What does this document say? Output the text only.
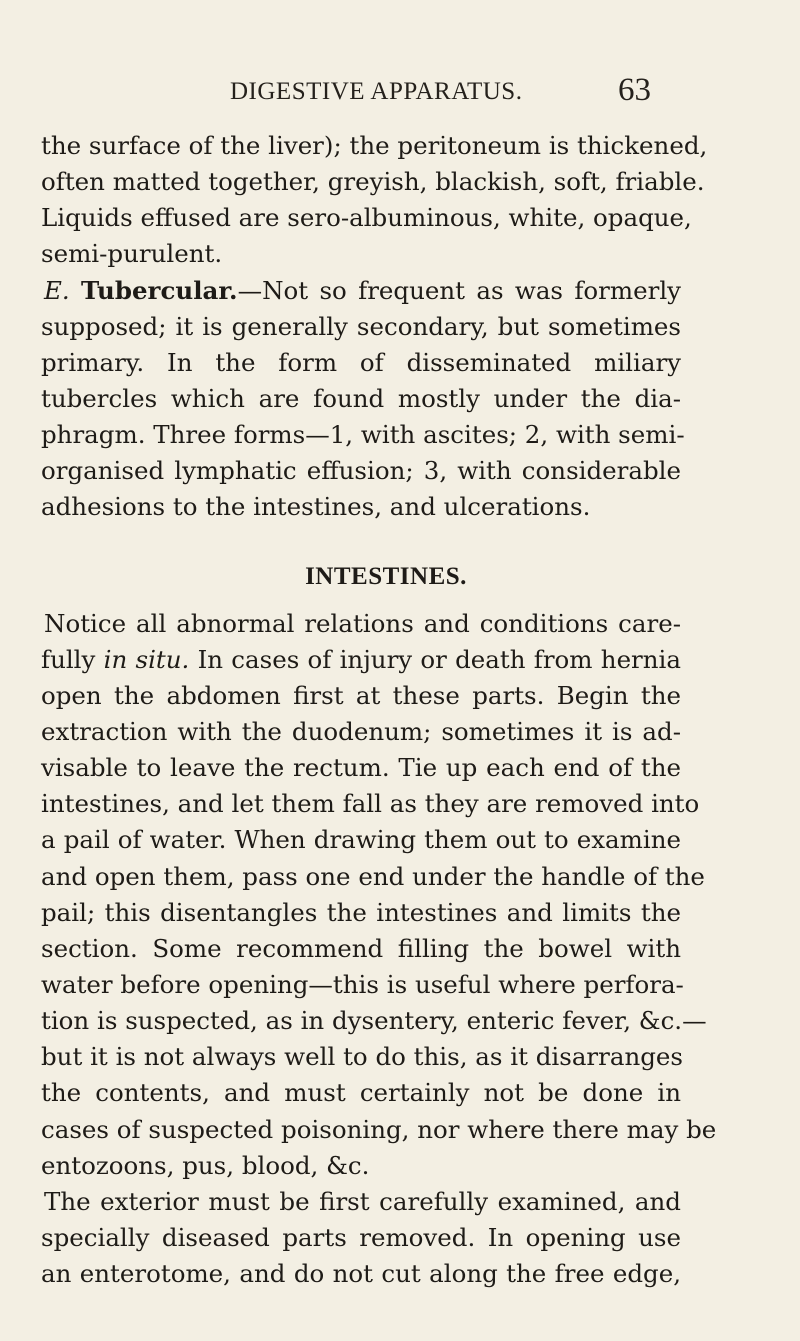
DIGESTIVE APPARATUS.	63
the surface of the liver); the peritoneum is thickened,
often matted together, greyish, blackish, soft, friable.
Liquids effused are sero-albuminous, white, opaque,
semi-purulent.
E. Tubercular.—Not so frequent as was formerly
supposed; it is generally secondary, but sometimes
primary. In the form of disseminated miliary
tubercles which are found mostly under the dia-
phragm. Three forms—1, with ascites; 2, with semi-
organised lymphatic effusion; 3, with considerable
adhesions to the intestines, and ulcerations.
INTESTINES.
Notice all abnormal relations and conditions care-
fully in situ. In cases of injury or death from hernia
open the abdomen first at these parts. Begin the
extraction with the duodenum; sometimes it is ad-
visable to leave the rectum. Tie up each end of the
intestines, and let them fall as they are removed into
a pail of water. When drawing them out to examine
and open them, pass one end under the handle of the
pail; this disentangles the intestines and limits the
section. Some recommend filling the bowel with
water before opening—this is useful where perfora-
tion is suspected, as in dysentery, enteric fever, &c.—
but it is not always well to do this, as it disarranges
the contents, and must certainly not be done in
cases of suspected poisoning, nor where there may be
entozoons, pus, blood, &c.
The exterior must be first carefully examined, and
specially diseased parts removed. In opening use
an enterotome, and do not cut along the free edge,
